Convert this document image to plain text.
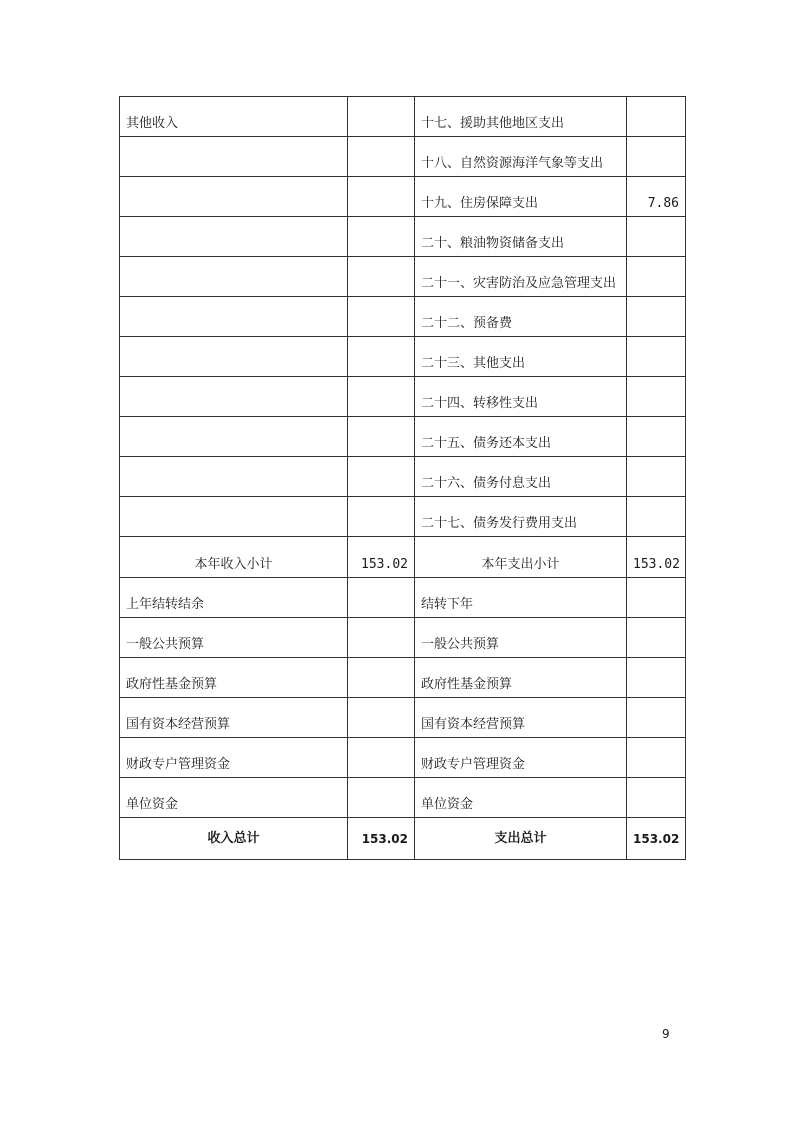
其他收入		十七、援助其他地区支出	
		十八、自然资源海洋气象等支出	
		十九、住房保障支出	7.86
		二十、粮油物资储备支出	
		二十一、灾害防治及应急管理支出	
		二十二、预备费	
		二十三、其他支出	
		二十四、转移性支出	
		二十五、债务还本支出	
		二十六、债务付息支出	
		二十七、债务发行费用支出	
本年收入小计	153.02	本年支出小计	153.02
上年结转结余		结转下年	
一般公共预算		一般公共预算	
政府性基金预算		政府性基金预算	
国有资本经营预算		国有资本经营预算	
财政专户管理资金		财政专户管理资金	
单位资金		单位资金	
收入总计	153.02	支出总计	153.02
9
